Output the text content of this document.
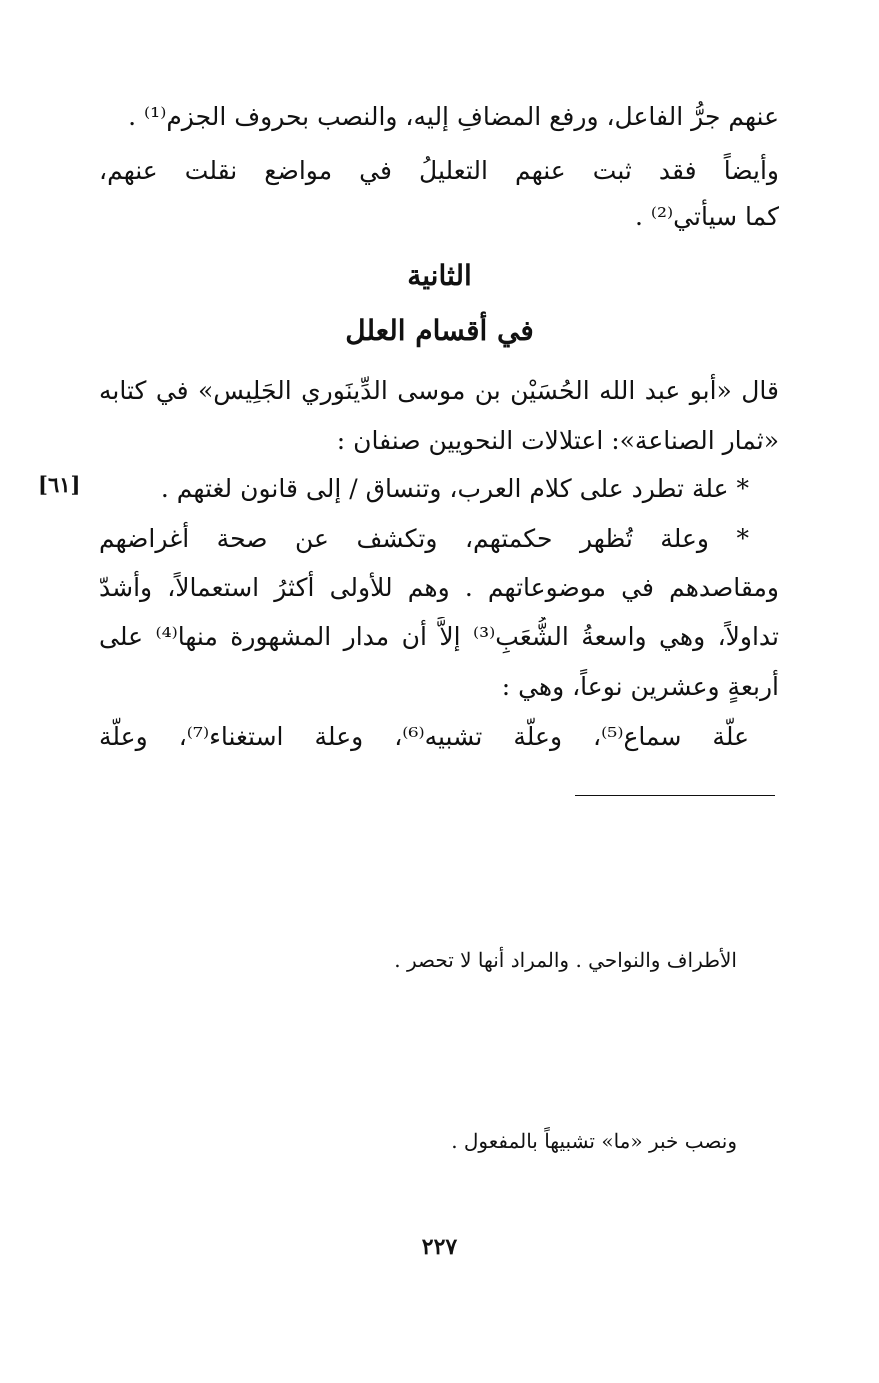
عنهم جرُّ الفاعل، ورفع المضافِ إليه، والنصب بحروف الجزم⁽¹⁾ .
وأيضاً فقد ثبت عنهم التعليلُ في مواضع نقلت عنهم،
كما سيأتي⁽²⁾ .
الثانية
في أقسام العلل
قال «أبو عبد الله الحُسَيْن بن موسى الدِّينَوري الجَلِيس» في كتابه
«ثمار الصناعة»: اعتلالات النحويين صنفان :
* علة تطرد على كلام العرب، وتنساق / إلى قانون لغتهم .
* وعلة تُظهر حكمتهم، وتكشف عن صحة أغراضهم
ومقاصدهم في موضوعاتهم . وهم للأولى أكثرُ استعمالاً، وأشدّ
تداولاً، وهي واسعةُ الشُّعَبِ⁽³⁾ إلاَّ أن مدار المشهورة منها⁽⁴⁾ على
أربعةٍ وعشرين نوعاً، وهي :
علّة سماع⁽⁵⁾، وعلّة تشبيه⁽⁶⁾، وعلة استغناء⁽⁷⁾، وعلّة
[٦١]
الأطراف والنواحي . والمراد أنها لا تحصر .
ونصب خبر «ما» تشبيهاً بالمفعول .
٢٢٧
